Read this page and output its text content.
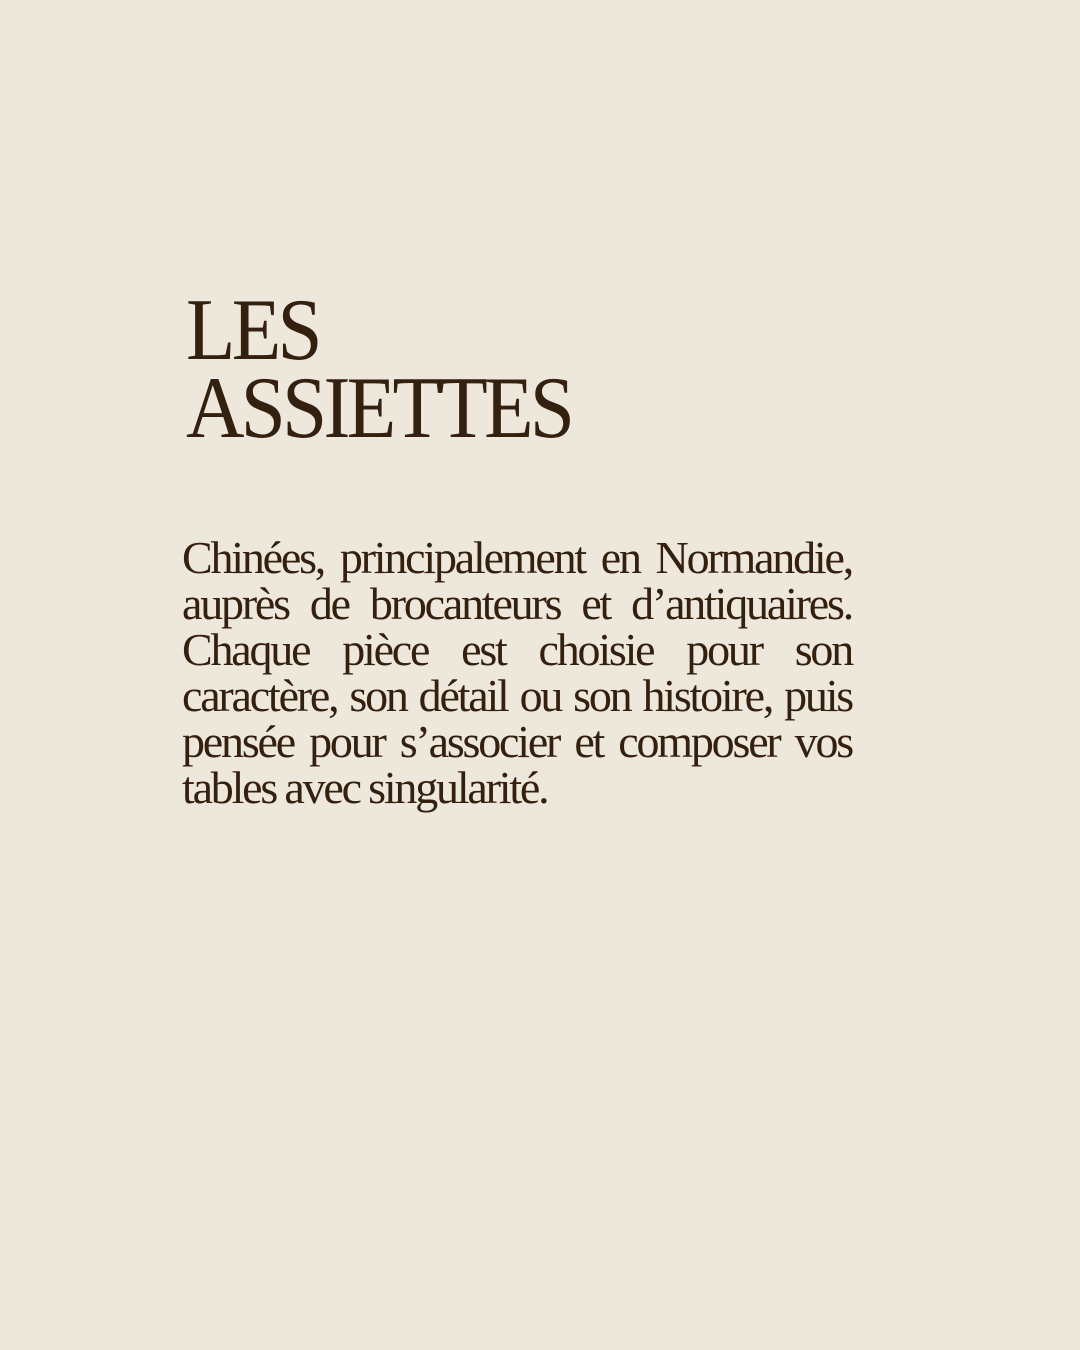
LES
ASSIETTES

Chinées, principalement en Normandie, auprès de brocanteurs et d’antiquaires. Chaque pièce est choisie pour son caractère, son détail ou son histoire, puis pensée pour s’associer et composer vos tables avec singularité.
